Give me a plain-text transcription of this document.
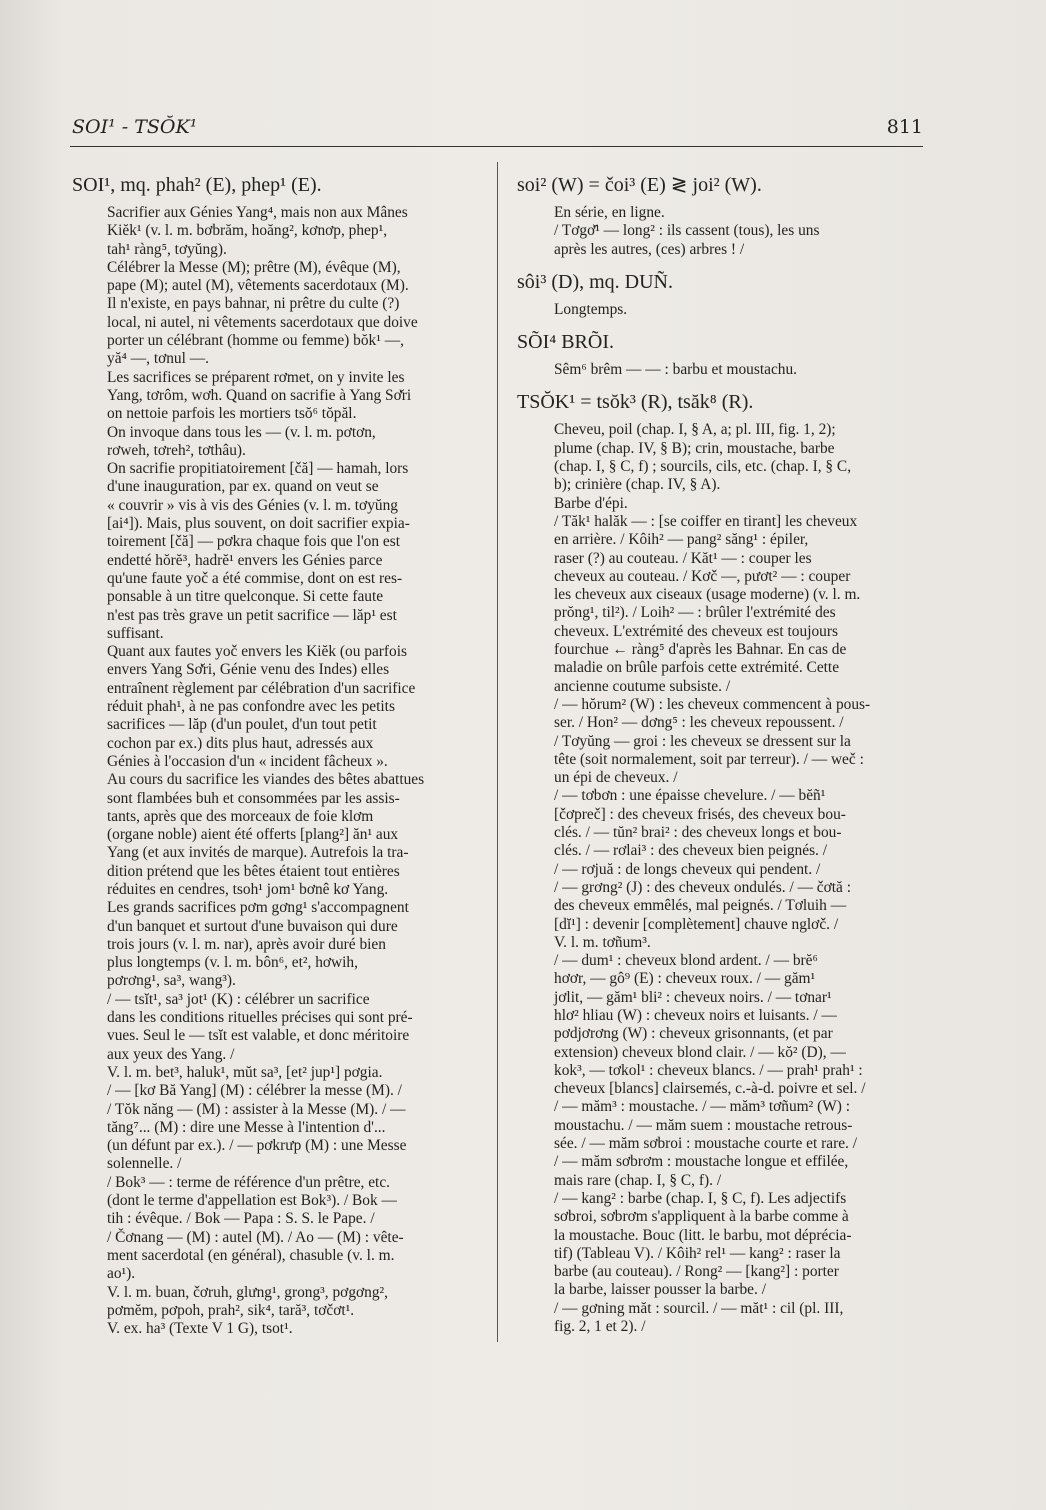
SOI¹ - TSŎK¹	811
SOI¹, mq. phah² (E), phep¹ (E).
Sacrifier aux Génies Yang⁴, mais non aux Mânes
Kiĕk¹ (v. l. m. bơbrăm, hoăng², kơnơp, phep¹,
tah¹ ràng⁵, tơyŭng).
Célébrer la Messe (M); prêtre (M), évêque (M),
pape (M); autel (M), vêtements sacerdotaux (M).
Il n'existe, en pays bahnar, ni prêtre du culte (?)
local, ni autel, ni vêtements sacerdotaux que doive
porter un célébrant (homme ou femme) bŏk¹ —,
yă⁴ —, tơnul —.
Les sacrifices se préparent rơmet, on y invite les
Yang, tơrôm, wơh. Quand on sacrifie à Yang Sơ̆ri
on nettoie parfois les mortiers tsŏ⁶ tŏpăl.
On invoque dans tous les — (v. l. m. pơtơn,
rơweh, tơreh², tơthâu).
On sacrifie propitiatoirement [čă] — hamah, lors
d'une inauguration, par ex. quand on veut se
« couvrir » vis à vis des Génies (v. l. m. tơyŭng
[ai⁴]). Mais, plus souvent, on doit sacrifier expia-
toirement [čă] — pơkra chaque fois que l'on est
endetté hŏrĕ³, hadrĕ¹ envers les Génies parce
qu'une faute yoč a été commise, dont on est res-
ponsable à un titre quelconque. Si cette faute
n'est pas très grave un petit sacrifice — lăp¹ est
suffisant.
Quant aux fautes yoč envers les Kiĕk (ou parfois
envers Yang Sơ̆ri, Génie venu des Indes) elles
entraînent règlement par célébration d'un sacrifice
réduit phah¹, à ne pas confondre avec les petits
sacrifices — lăp (d'un poulet, d'un tout petit
cochon par ex.) dits plus haut, adressés aux
Génies à l'occasion d'un « incident fâcheux ».
Au cours du sacrifice les viandes des bêtes abattues
sont flambées buh et consommées par les assis-
tants, après que des morceaux de foie klơm
(organe noble) aient été offerts [plang²] ăn¹ aux
Yang (et aux invités de marque). Autrefois la tra-
dition prétend que les bêtes étaient tout entières
réduites en cendres, tsoh¹ jom¹ bơnê kơ Yang.
Les grands sacrifices pơm gơng¹ s'accompagnent
d'un banquet et surtout d'une buvaison qui dure
trois jours (v. l. m. nar), après avoir duré bien
plus longtemps (v. l. m. bôn⁶, et², hơwih,
pơrơng¹, sa³, wang³).
/ — tsĭt¹, sa³ jot¹ (K) : célébrer un sacrifice
dans les conditions rituelles précises qui sont pré-
vues. Seul le — tsĭt est valable, et donc méritoire
aux yeux des Yang. /
V. l. m. bet³, haluk¹, mŭt sa³, [et² jup¹] pơgia.
/ — [kơ Bă Yang] (M) : célébrer la messe (M). /
/ Tŏk năng — (M) : assister à la Messe (M). / —
tăng⁷... (M) : dire une Messe à l'intention d'...
(un défunt par ex.). / — pơkrưp (M) : une Messe
solennelle. /
/ Bok³ — : terme de référence d'un prêtre, etc.
(dont le terme d'appellation est Bok³). / Bok —
tih : évêque. / Bok — Papa : S. S. le Pape. /
/ Čơnang — (M) : autel (M). / Ao — (M) : vête-
ment sacerdotal (en général), chasuble (v. l. m.
ao¹).
V. l. m. buan, čơruh, glưng¹, grong³, pơgơng²,
pơmĕm, pơpoh, prah², sik⁴, tară³, tơčơt¹.
V. ex. ha³ (Texte V 1 G), tsot¹.
soi² (W) = čoi³ (E) ≷ joi² (W).
En série, en ligne.
/ Tơgơ̆¹ — long² : ils cassent (tous), les uns
après les autres, (ces) arbres ! /
sôi³ (D), mq. DUÑ.
Longtemps.
SÕI⁴ BRÕI.
Sêm⁶ brêm — — : barbu et moustachu.
TSŎK¹ = tsŏk³ (R), tsăk⁸ (R).
Cheveu, poil (chap. I, § A, a; pl. III, fig. 1, 2);
plume (chap. IV, § B); crin, moustache, barbe
(chap. I, § C, f) ; sourcils, cils, etc. (chap. I, § C,
b); crinière (chap. IV, § A).
Barbe d'épi.
/ Tăk¹ halăk — : [se coiffer en tirant] les cheveux
en arrière. / Kôih² — pang² săng¹ : épiler,
raser (?) au couteau. / Kăt¹ — : couper les
cheveux au couteau. / Kơč —, pươt² — : couper
les cheveux aux ciseaux (usage moderne) (v. l. m.
prŏng¹, til²). / Loih² — : brûler l'extrémité des
cheveux. L'extrémité des cheveux est toujours
fourchue ← ràng⁵ d'après les Bahnar. En cas de
maladie on brûle parfois cette extrémité. Cette
ancienne coutume subsiste. /
/ — hŏrum² (W) : les cheveux commencent à pous-
ser. / Hon² — dơng⁵ : les cheveux repoussent. /
/ Tơyŭng — groi : les cheveux se dressent sur la
tête (soit normalement, soit par terreur). / — weč :
un épi de cheveux. /
/ — tơbơn : une épaisse chevelure. / — bĕñ¹
[čơpreč] : des cheveux frisés, des cheveux bou-
clés. / — tŭn² brai² : des cheveux longs et bou-
clés. / — rơlai³ : des cheveux bien peignés. /
/ — rơjuă : de longs cheveux qui pendent. /
/ — grơng² (J) : des cheveux ondulés. / — čơtă :
des cheveux emmêlés, mal peignés. / Tơluih —
[dĭ¹] : devenir [complètement] chauve nglơč. /
V. l. m. tơñum³.
/ — dum¹ : cheveux blond ardent. / — brĕ⁶
hơơr, — gô⁹ (E) : cheveux roux. / — găm¹
jơlit, — găm¹ bli² : cheveux noirs. / — tơnar¹
hlơ² hliau (W) : cheveux noirs et luisants. / —
pơdjơrơng (W) : cheveux grisonnants, (et par
extension) cheveux blond clair. / — kŏ² (D), —
kok³, — tơkol¹ : cheveux blancs. / — prah¹ prah¹ :
cheveux [blancs] clairsemés, c.-à-d. poivre et sel. /
/ — măm³ : moustache. / — măm³ tơñum² (W) :
moustachu. / — măm suem : moustache retrous-
sée. / — măm sơbroi : moustache courte et rare. /
/ — măm sơbrơm : moustache longue et effilée,
mais rare (chap. I, § C, f). /
/ — kang² : barbe (chap. I, § C, f). Les adjectifs
sơbroi, sơbrơm s'appliquent à la barbe comme à
la moustache. Bouc (litt. le barbu, mot déprécia-
tif) (Tableau V). / Kôih² rel¹ — kang² : raser la
barbe (au couteau). / Rong² — [kang²] : porter
la barbe, laisser pousser la barbe. /
/ — gơning măt : sourcil. / — măt¹ : cil (pl. III,
fig. 2, 1 et 2). /
